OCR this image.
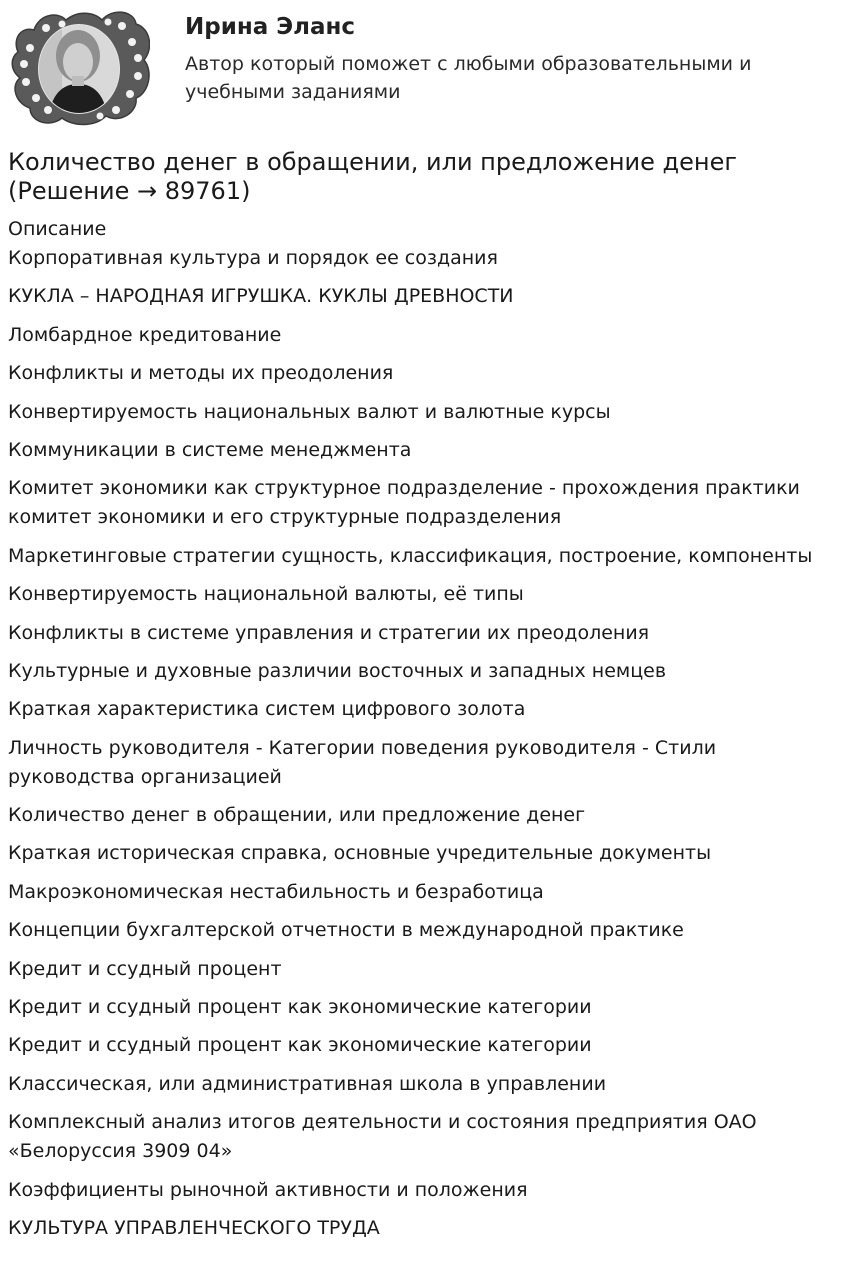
Ирина Эланс
Автор который поможет с любыми образовательными и учебными заданиями
Количество денег в обращении, или предложение денег (Решение → 89761)
Описание
Корпоративная культура и порядок ее создания
КУКЛА – НАРОДНАЯ ИГРУШКА. КУКЛЫ ДРЕВНОСТИ
Ломбардное кредитование
Конфликты и методы их преодоления
Конвертируемость национальных валют и валютные курсы
Коммуникации в системе менеджмента
Комитет экономики как структурное подразделение - прохождения практики комитет экономики и его структурные подразделения
Маркетинговые стратегии сущность, классификация, построение, компоненты
Конвертируемость национальной валюты, её типы
Конфликты в системе управления и стратегии их преодоления
Культурные и духовные различии восточных и западных немцев
Краткая характеристика систем цифрового золота
Личность руководителя - Категории поведения руководителя - Стили руководства организацией
Количество денег в обращении, или предложение денег
Краткая историческая справка, основные учредительные документы
Макроэкономическая нестабильность и безработица
Концепции бухгалтерской отчетности в международной практике
Кредит и ссудный процент
Кредит и ссудный процент как экономические категории
Кредит и ссудный процент как экономические категории
Классическая, или административная школа в управлении
Комплексный анализ итогов деятельности и состояния предприятия ОАО «Белоруссия 3909 04»
Коэффициенты рыночной активности и положения
КУЛЬТУРА УПРАВЛЕНЧЕСКОГО ТРУДА
